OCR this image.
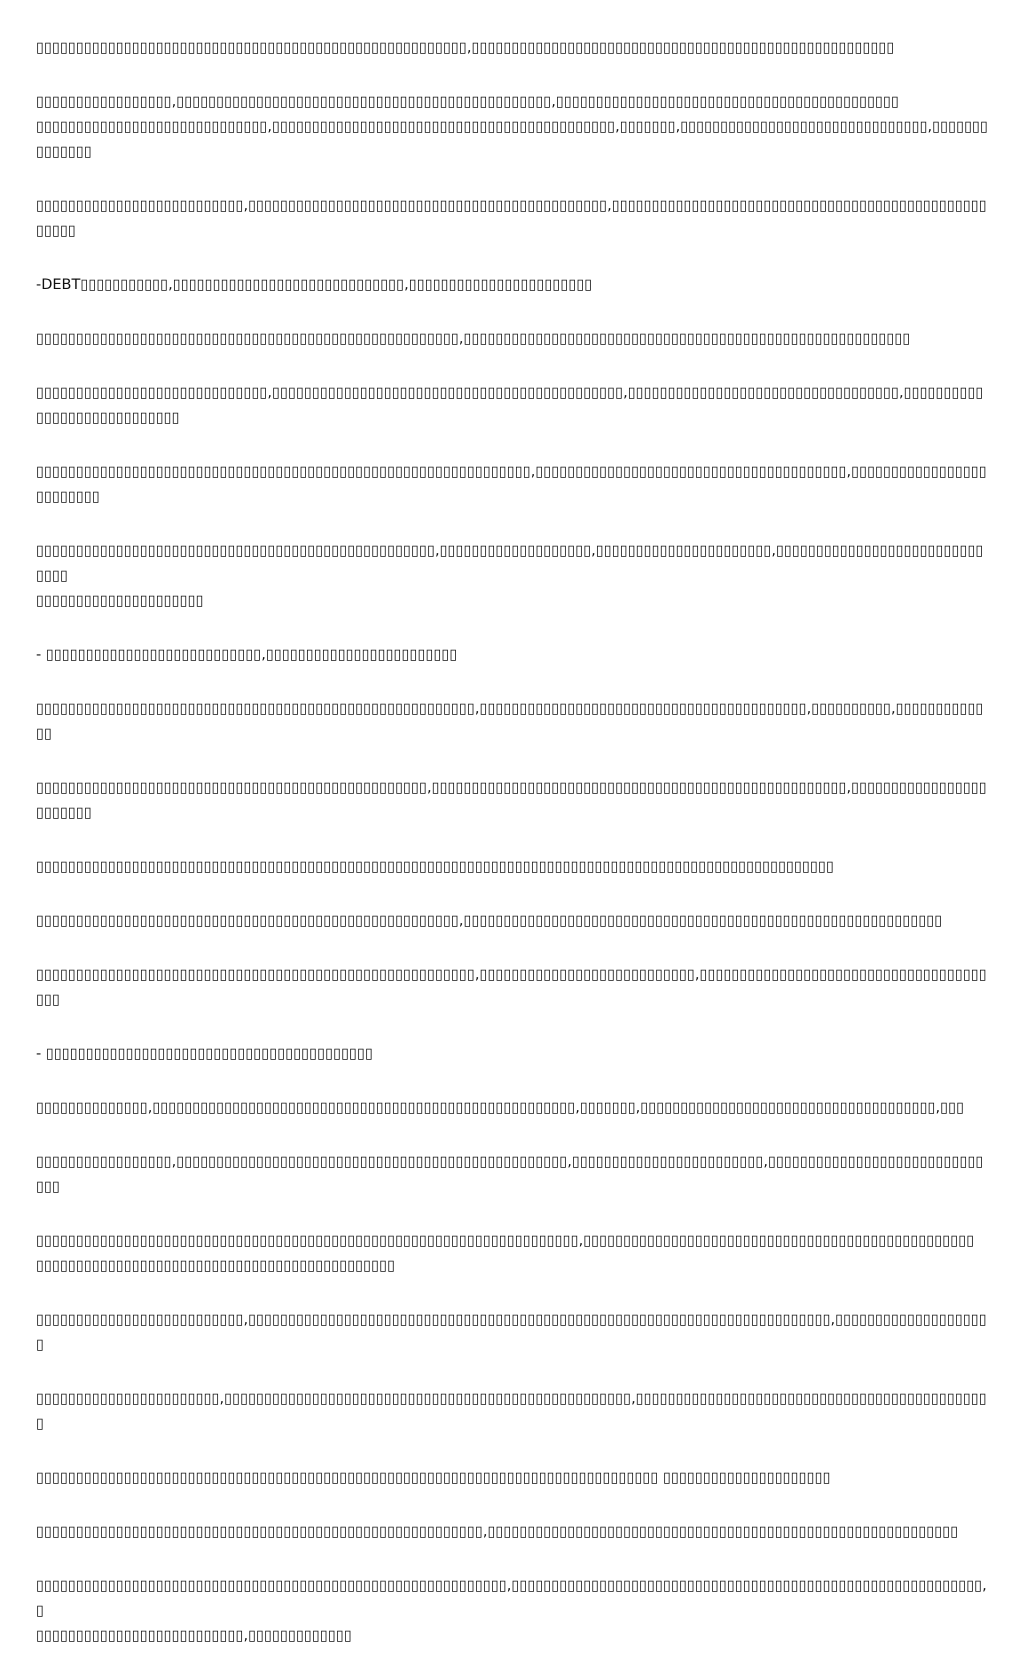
▯▯▯▯▯▯▯▯▯▯▯▯▯▯▯▯▯▯▯▯▯▯▯▯▯▯▯▯▯▯▯▯▯▯▯▯▯▯▯▯▯▯▯▯▯▯▯▯▯▯▯▯▯▯,▯▯▯▯▯▯▯▯▯▯▯▯▯▯▯▯▯▯▯▯▯▯▯▯▯▯▯▯▯▯▯▯▯▯▯▯▯▯▯▯▯▯▯▯▯▯▯▯▯▯▯▯▯

▯▯▯▯▯▯▯▯▯▯▯▯▯▯▯▯▯,▯▯▯▯▯▯▯▯▯▯▯▯▯▯▯▯▯▯▯▯▯▯▯▯▯▯▯▯▯▯▯▯▯▯▯▯▯▯▯▯▯▯▯▯▯▯▯,▯▯▯▯▯▯▯▯▯▯▯▯▯▯▯▯▯▯▯▯▯▯▯▯▯▯▯▯▯▯▯▯▯▯▯▯▯▯▯▯▯▯▯
▯▯▯▯▯▯▯▯▯▯▯▯▯▯▯▯▯▯▯▯▯▯▯▯▯▯▯▯▯,▯▯▯▯▯▯▯▯▯▯▯▯▯▯▯▯▯▯▯▯▯▯▯▯▯▯▯▯▯▯▯▯▯▯▯▯▯▯▯▯▯▯▯,▯▯▯▯▯▯▯,▯▯▯▯▯▯▯▯▯▯▯▯▯▯▯▯▯▯▯▯▯▯▯▯▯▯▯▯▯▯▯,▯▯▯▯▯▯▯▯▯▯▯▯▯▯

▯▯▯▯▯▯▯▯▯▯▯▯▯▯▯▯▯▯▯▯▯▯▯▯▯▯,▯▯▯▯▯▯▯▯▯▯▯▯▯▯▯▯▯▯▯▯▯▯▯▯▯▯▯▯▯▯▯▯▯▯▯▯▯▯▯▯▯▯▯▯▯,▯▯▯▯▯▯▯▯▯▯▯▯▯▯▯▯▯▯▯▯▯▯▯▯▯▯▯▯▯▯▯▯▯▯▯▯▯▯▯▯▯▯▯▯▯▯▯▯▯▯▯▯

-DEBT▯▯▯▯▯▯▯▯▯▯▯,▯▯▯▯▯▯▯▯▯▯▯▯▯▯▯▯▯▯▯▯▯▯▯▯▯▯▯▯▯,▯▯▯▯▯▯▯▯▯▯▯▯▯▯▯▯▯▯▯▯▯▯▯

▯▯▯▯▯▯▯▯▯▯▯▯▯▯▯▯▯▯▯▯▯▯▯▯▯▯▯▯▯▯▯▯▯▯▯▯▯▯▯▯▯▯▯▯▯▯▯▯▯▯▯▯▯,▯▯▯▯▯▯▯▯▯▯▯▯▯▯▯▯▯▯▯▯▯▯▯▯▯▯▯▯▯▯▯▯▯▯▯▯▯▯▯▯▯▯▯▯▯▯▯▯▯▯▯▯▯▯▯▯

▯▯▯▯▯▯▯▯▯▯▯▯▯▯▯▯▯▯▯▯▯▯▯▯▯▯▯▯▯,▯▯▯▯▯▯▯▯▯▯▯▯▯▯▯▯▯▯▯▯▯▯▯▯▯▯▯▯▯▯▯▯▯▯▯▯▯▯▯▯▯▯▯▯,▯▯▯▯▯▯▯▯▯▯▯▯▯▯▯▯▯▯▯▯▯▯▯▯▯▯▯▯▯▯▯▯▯▯,▯▯▯▯▯▯▯▯▯▯▯▯▯▯▯▯▯▯▯▯▯▯▯▯▯▯▯▯

▯▯▯▯▯▯▯▯▯▯▯▯▯▯▯▯▯▯▯▯▯▯▯▯▯▯▯▯▯▯▯▯▯▯▯▯▯▯▯▯▯▯▯▯▯▯▯▯▯▯▯▯▯▯▯▯▯▯▯▯▯▯,▯▯▯▯▯▯▯▯▯▯▯▯▯▯▯▯▯▯▯▯▯▯▯▯▯▯▯▯▯▯▯▯▯▯▯▯▯▯▯,▯▯▯▯▯▯▯▯▯▯▯▯▯▯▯▯▯▯▯▯▯▯▯▯▯

▯▯▯▯▯▯▯▯▯▯▯▯▯▯▯▯▯▯▯▯▯▯▯▯▯▯▯▯▯▯▯▯▯▯▯▯▯▯▯▯▯▯▯▯▯▯▯▯▯▯,▯▯▯▯▯▯▯▯▯▯▯▯▯▯▯▯▯▯▯,▯▯▯▯▯▯▯▯▯▯▯▯▯▯▯▯▯▯▯▯▯▯,▯▯▯▯▯▯▯▯▯▯▯▯▯▯▯▯▯▯▯▯▯▯▯▯▯▯▯▯▯▯
▯▯▯▯▯▯▯▯▯▯▯▯▯▯▯▯▯▯▯▯▯

- ▯▯▯▯▯▯▯▯▯▯▯▯▯▯▯▯▯▯▯▯▯▯▯▯▯▯▯,▯▯▯▯▯▯▯▯▯▯▯▯▯▯▯▯▯▯▯▯▯▯▯▯

▯▯▯▯▯▯▯▯▯▯▯▯▯▯▯▯▯▯▯▯▯▯▯▯▯▯▯▯▯▯▯▯▯▯▯▯▯▯▯▯▯▯▯▯▯▯▯▯▯▯▯▯▯▯▯,▯▯▯▯▯▯▯▯▯▯▯▯▯▯▯▯▯▯▯▯▯▯▯▯▯▯▯▯▯▯▯▯▯▯▯▯▯▯▯▯▯,▯▯▯▯▯▯▯▯▯▯,▯▯▯▯▯▯▯▯▯▯▯▯▯

▯▯▯▯▯▯▯▯▯▯▯▯▯▯▯▯▯▯▯▯▯▯▯▯▯▯▯▯▯▯▯▯▯▯▯▯▯▯▯▯▯▯▯▯▯▯▯▯▯,▯▯▯▯▯▯▯▯▯▯▯▯▯▯▯▯▯▯▯▯▯▯▯▯▯▯▯▯▯▯▯▯▯▯▯▯▯▯▯▯▯▯▯▯▯▯▯▯▯▯▯▯,▯▯▯▯▯▯▯▯▯▯▯▯▯▯▯▯▯▯▯▯▯▯▯▯

▯▯▯▯▯▯▯▯▯▯▯▯▯▯▯▯▯▯▯▯▯▯▯▯▯▯▯▯▯▯▯▯▯▯▯▯▯▯▯▯▯▯▯▯▯▯▯▯▯▯▯▯▯▯▯▯▯▯▯▯▯▯▯▯▯▯▯▯▯▯▯▯▯▯▯▯▯▯▯▯▯▯▯▯▯▯▯▯▯▯▯▯▯▯▯▯▯▯▯▯

▯▯▯▯▯▯▯▯▯▯▯▯▯▯▯▯▯▯▯▯▯▯▯▯▯▯▯▯▯▯▯▯▯▯▯▯▯▯▯▯▯▯▯▯▯▯▯▯▯▯▯▯▯,▯▯▯▯▯▯▯▯▯▯▯▯▯▯▯▯▯▯▯▯▯▯▯▯▯▯▯▯▯▯▯▯▯▯▯▯▯▯▯▯▯▯▯▯▯▯▯▯▯▯▯▯▯▯▯▯▯▯▯▯

▯▯▯▯▯▯▯▯▯▯▯▯▯▯▯▯▯▯▯▯▯▯▯▯▯▯▯▯▯▯▯▯▯▯▯▯▯▯▯▯▯▯▯▯▯▯▯▯▯▯▯▯▯▯▯,▯▯▯▯▯▯▯▯▯▯▯▯▯▯▯▯▯▯▯▯▯▯▯▯▯▯▯,▯▯▯▯▯▯▯▯▯▯▯▯▯▯▯▯▯▯▯▯▯▯▯▯▯▯▯▯▯▯▯▯▯▯▯▯▯▯▯

- ▯▯▯▯▯▯▯▯▯▯▯▯▯▯▯▯▯▯▯▯▯▯▯▯▯▯▯▯▯▯▯▯▯▯▯▯▯▯▯▯▯

▯▯▯▯▯▯▯▯▯▯▯▯▯▯,▯▯▯▯▯▯▯▯▯▯▯▯▯▯▯▯▯▯▯▯▯▯▯▯▯▯▯▯▯▯▯▯▯▯▯▯▯▯▯▯▯▯▯▯▯▯▯▯▯▯▯▯▯,▯▯▯▯▯▯▯,▯▯▯▯▯▯▯▯▯▯▯▯▯▯▯▯▯▯▯▯▯▯▯▯▯▯▯▯▯▯▯▯▯▯▯▯▯,▯▯▯

▯▯▯▯▯▯▯▯▯▯▯▯▯▯▯▯▯,▯▯▯▯▯▯▯▯▯▯▯▯▯▯▯▯▯▯▯▯▯▯▯▯▯▯▯▯▯▯▯▯▯▯▯▯▯▯▯▯▯▯▯▯▯▯▯▯▯,▯▯▯▯▯▯▯▯▯▯▯▯▯▯▯▯▯▯▯▯▯▯▯▯,▯▯▯▯▯▯▯▯▯▯▯▯▯▯▯▯▯▯▯▯▯▯▯▯▯▯▯▯▯▯

▯▯▯▯▯▯▯▯▯▯▯▯▯▯▯▯▯▯▯▯▯▯▯▯▯▯▯▯▯▯▯▯▯▯▯▯▯▯▯▯▯▯▯▯▯▯▯▯▯▯▯▯▯▯▯▯▯▯▯▯▯▯▯▯▯▯▯▯,▯▯▯▯▯▯▯▯▯▯▯▯▯▯▯▯▯▯▯▯▯▯▯▯▯▯▯▯▯▯▯▯▯▯▯▯▯▯▯▯▯▯▯▯▯▯▯▯▯
▯▯▯▯▯▯▯▯▯▯▯▯▯▯▯▯▯▯▯▯▯▯▯▯▯▯▯▯▯▯▯▯▯▯▯▯▯▯▯▯▯▯▯▯▯

▯▯▯▯▯▯▯▯▯▯▯▯▯▯▯▯▯▯▯▯▯▯▯▯▯▯,▯▯▯▯▯▯▯▯▯▯▯▯▯▯▯▯▯▯▯▯▯▯▯▯▯▯▯▯▯▯▯▯▯▯▯▯▯▯▯▯▯▯▯▯▯▯▯▯▯▯▯▯▯▯▯▯▯▯▯▯▯▯▯▯▯▯▯▯▯▯▯▯▯,▯▯▯▯▯▯▯▯▯▯▯▯▯▯▯▯▯▯▯▯

▯▯▯▯▯▯▯▯▯▯▯▯▯▯▯▯▯▯▯▯▯▯▯,▯▯▯▯▯▯▯▯▯▯▯▯▯▯▯▯▯▯▯▯▯▯▯▯▯▯▯▯▯▯▯▯▯▯▯▯▯▯▯▯▯▯▯▯▯▯▯▯▯▯▯,▯▯▯▯▯▯▯▯▯▯▯▯▯▯▯▯▯▯▯▯▯▯▯▯▯▯▯▯▯▯▯▯▯▯▯▯▯▯▯▯▯▯▯▯▯

▯▯▯▯▯▯▯▯▯▯▯▯▯▯▯▯▯▯▯▯▯▯▯▯▯▯▯▯▯▯▯▯▯▯▯▯▯▯▯▯▯▯▯▯▯▯▯▯▯▯▯▯▯▯▯▯▯▯▯▯▯▯▯▯▯▯▯▯▯▯▯▯▯▯▯▯▯▯ ▯▯▯▯▯▯▯▯▯▯▯▯▯▯▯▯▯▯▯▯▯

▯▯▯▯▯▯▯▯▯▯▯▯▯▯▯▯▯▯▯▯▯▯▯▯▯▯▯▯▯▯▯▯▯▯▯▯▯▯▯▯▯▯▯▯▯▯▯▯▯▯▯▯▯▯▯▯,▯▯▯▯▯▯▯▯▯▯▯▯▯▯▯▯▯▯▯▯▯▯▯▯▯▯▯▯▯▯▯▯▯▯▯▯▯▯▯▯▯▯▯▯▯▯▯▯▯▯▯▯▯▯▯▯▯▯▯

▯▯▯▯▯▯▯▯▯▯▯▯▯▯▯▯▯▯▯▯▯▯▯▯▯▯▯▯▯▯▯▯▯▯▯▯▯▯▯▯▯▯▯▯▯▯▯▯▯▯▯▯▯▯▯▯▯▯▯,▯▯▯▯▯▯▯▯▯▯▯▯▯▯▯▯▯▯▯▯▯▯▯▯▯▯▯▯▯▯▯▯▯▯▯▯▯▯▯▯▯▯▯▯▯▯▯▯▯▯▯▯▯▯▯▯▯▯▯,▯
▯▯▯▯▯▯▯▯▯▯▯▯▯▯▯▯▯▯▯▯▯▯▯▯▯▯,▯▯▯▯▯▯▯▯▯▯▯▯▯
